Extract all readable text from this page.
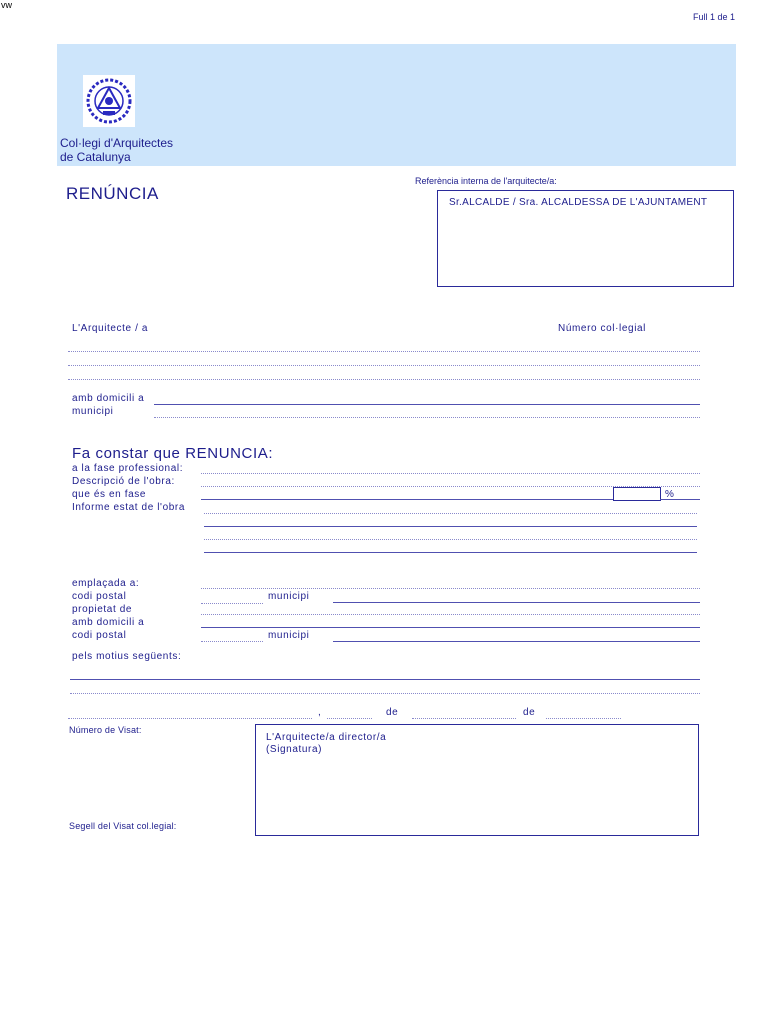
vw
Full 1 de 1
Col·legi d'Arquitectes
de Catalunya
RENÚNCIA
Referència interna de l'arquitecte/a:
Sr.ALCALDE / Sra. ALCALDESSA DE L'AJUNTAMENT
L'Arquitecte / a	Número col·legial
amb domicili a
municipi
Fa constar que RENUNCIA:
a la fase professional:
Descripció de l'obra:
que és en fase	%
Informe estat de l'obra
emplaçada a:
codi postal	municipi
propietat de
amb domicili a
codi postal	municipi
pels motius següents:
,	de	de
Número de Visat:
Segell del Visat col.legial:
L'Arquitecte/a director/a
(Signatura)
